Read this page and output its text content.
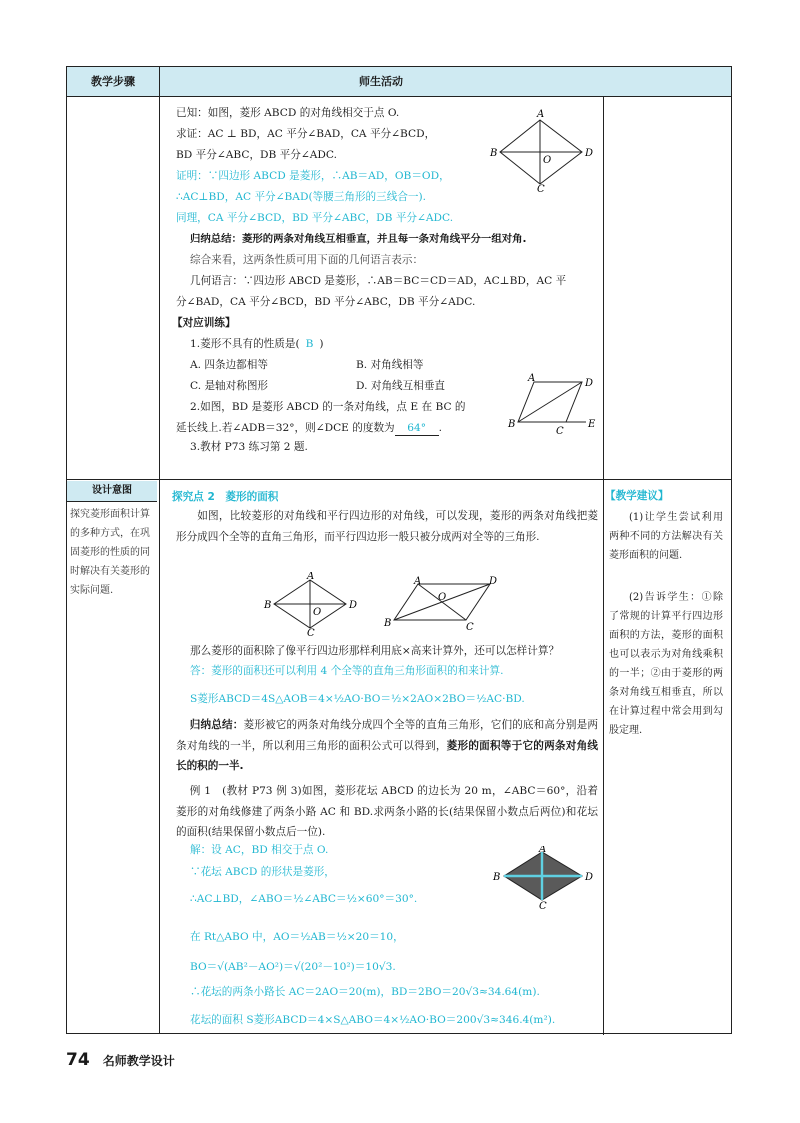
教学步骤	师生活动
已知：如图，菱形 ABCD 的对角线相交于点 O.
求证：AC ⊥ BD，AC 平分∠BAD，CA 平分∠BCD，
BD 平分∠ABC，DB 平分∠ADC.
证明：∵四边形 ABCD 是菱形，∴AB＝AD，OB＝OD，
∴AC⊥BD，AC 平分∠BAD(等腰三角形的三线合一).
同理，CA 平分∠BCD，BD 平分∠ABC，DB 平分∠ADC.
归纳总结：菱形的两条对角线互相垂直，并且每一条对角线平分一组对角.
综合来看，这两条性质可用下面的几何语言表示：
几何语言：∵四边形 ABCD 是菱形，∴AB＝BC＝CD＝AD，AC⊥BD，AC 平
分∠BAD，CA 平分∠BCD，BD 平分∠ABC，DB 平分∠ADC.
【对应训练】
1.菱形不具有的性质是( B )
A. 四条边都相等	B. 对角线相等
C. 是轴对称图形	D. 对角线互相垂直
2.如图，BD 是菱形 ABCD 的一条对角线，点 E 在 BC 的
延长线上.若∠ADB＝32°，则∠DCE 的度数为 64° .
3.教材 P73 练习第 2 题.
A
B
O
D
C
A	D
B
C
E
设计意图
探究菱形面积计算的多种方式，在巩固菱形的性质的同时解决有关菱形的实际问题.
探究点 2　菱形的面积
如图，比较菱形的对角线和平行四边形的对角线，可以发现，菱形的两条对角线把菱形分成四个全等的直角三角形，而平行四边形一般只被分成两对全等的三角形.
A
B
O
D
C
A	D
O
B	C
那么菱形的面积除了像平行四边形那样利用底×高来计算外，还可以怎样计算？
答：菱形的面积还可以利用 4 个全等的直角三角形面积的和来计算.
S菱形ABCD＝4S△AOB＝4×½AO·BO＝½×2AO×2BO＝½AC·BD.
归纳总结：菱形被它的两条对角线分成四个全等的直角三角形，它们的底和高分别是两条对角线的一半，所以利用三角形的面积公式可以得到，菱形的面积等于它的两条对角线长的积的一半.
例 1　(教材 P73 例 3)如图，菱形花坛 ABCD 的边长为 20 m，∠ABC＝60°，沿着菱形的对角线修建了两条小路 AC 和 BD.求两条小路的长(结果保留小数点后两位)和花坛的面积(结果保留小数点后一位).
解：设 AC，BD 相交于点 O.
∵花坛 ABCD 的形状是菱形，
∴AC⊥BD，∠ABO＝½∠ABC＝½×60°＝30°.
在 Rt△ABO 中，AO＝½AB＝½×20＝10，
BO＝√(AB²－AO²)＝√(20²－10²)＝10√3.
∴花坛的两条小路长 AC＝2AO＝20(m)，BD＝2BO＝20√3≈34.64(m).
花坛的面积 S菱形ABCD＝4×S△ABO＝4×½AO·BO＝200√3≈346.4(m²).
A
B	D
C
【教学建议】
(1)让学生尝试利用两种不同的方法解决有关菱形面积的问题.
(2)告诉学生：①除了常规的计算平行四边形面积的方法，菱形的面积也可以表示为对角线乘积的一半；②由于菱形的两条对角线互相垂直，所以在计算过程中常会用到勾股定理.
74 名师教学设计
